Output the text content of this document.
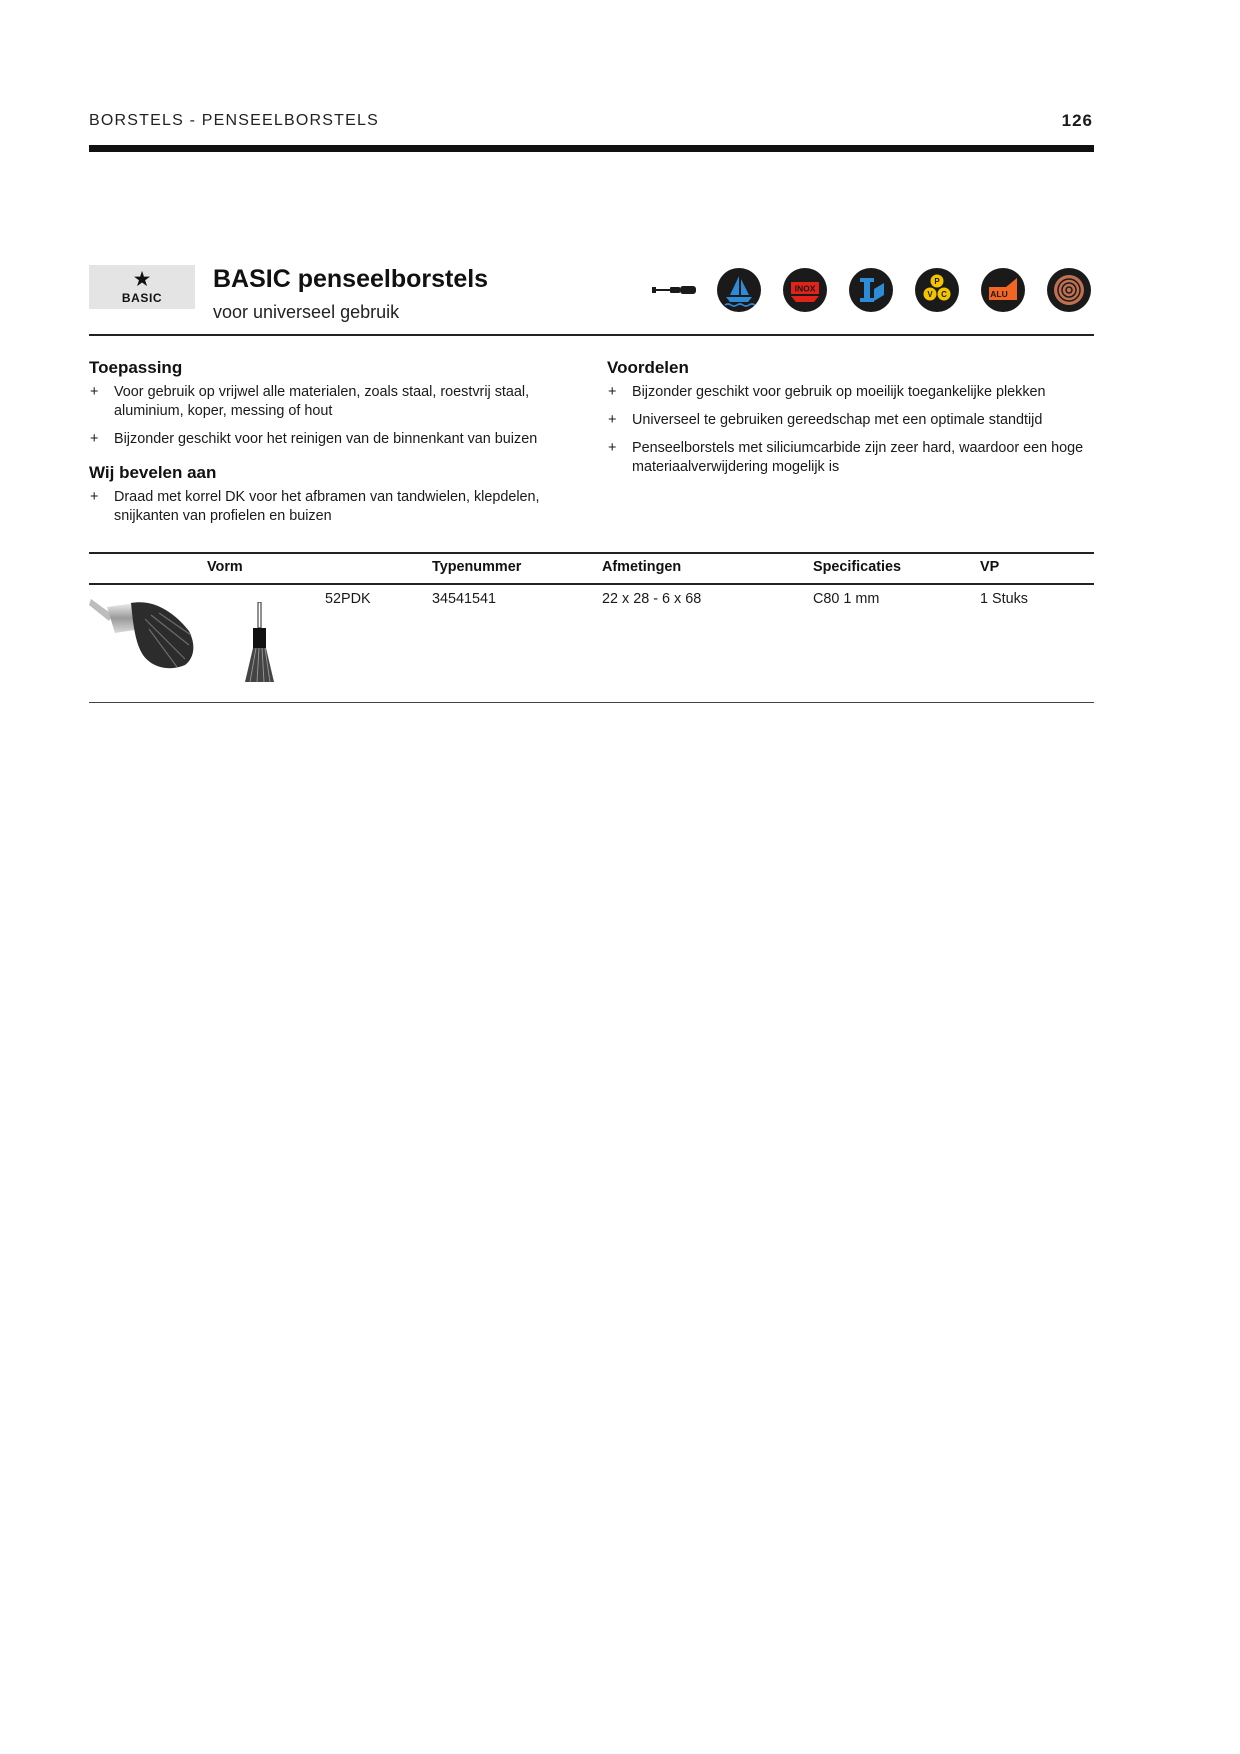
BORSTELS - PENSEELBORSTELS	126
★
BASIC
BASIC penseelborstels
voor universeel gebruik
INOX
P
V C	ALU
Toepassing
+ Voor gebruik op vrijwel alle materialen, zoals staal, roestvrij staal, aluminium, koper, messing of hout
+ Bijzonder geschikt voor het reinigen van de binnenkant van buizen
Wij bevelen aan
+ Draad met korrel DK voor het afbramen van tandwielen, klepdelen, snijkanten van profielen en buizen
Voordelen
+ Bijzonder geschikt voor gebruik op moeilijk toegankelijke plekken
+ Universeel te gebruiken gereedschap met een optimale standtijd
+ Penseelborstels met siliciumcarbide zijn zeer hard, waardoor een hoge materiaalverwijdering mogelijk is
Vorm	Typenummer	Afmetingen	Specificaties	VP
52PDK	34541541	22 x 28 - 6 x 68	C80 1 mm	1 Stuks
